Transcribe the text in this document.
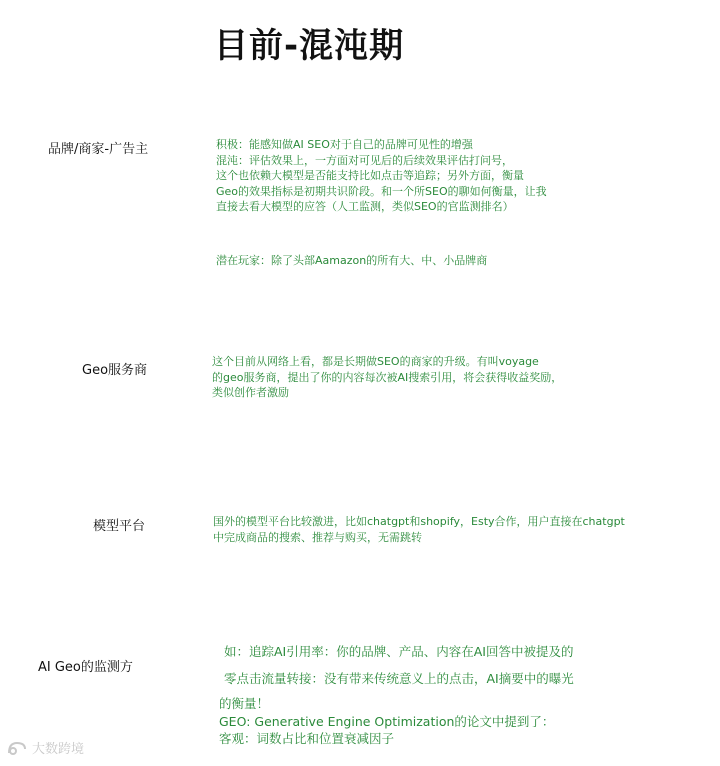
目前-混沌期
品牌/商家-广告主	积极：能感知做AI SEO对于自己的品牌可见性的增强
混沌：评估效果上，一方面对可见后的后续效果评估打问号，
这个也依赖大模型是否能支持比如点击等追踪；另外方面，衡量
Geo的效果指标是初期共识阶段。和一个所SEO的聊如何衡量，让我
直接去看大模型的应答（人工监测，类似SEO的官监测排名）
潜在玩家：除了头部Aamazon的所有大、中、小品牌商
Geo服务商
这个目前从网络上看，都是长期做SEO的商家的升级。有叫voyage
的geo服务商，提出了你的内容每次被AI搜索引用，将会获得收益奖励，
类似创作者激励
模型平台	国外的模型平台比较激进，比如chatgpt和shopify，Esty合作，用户直接在chatgpt
中完成商品的搜索、推荐与购买，无需跳转
AI Geo的监测方
如：追踪AI引用率：你的品牌、产品、内容在AI回答中被提及的
零点击流量转接：没有带来传统意义上的点击，AI摘要中的曝光
的衡量！
GEO: Generative Engine Optimization的论文中提到了：
客观：词数占比和位置衰减因子
大数跨境
